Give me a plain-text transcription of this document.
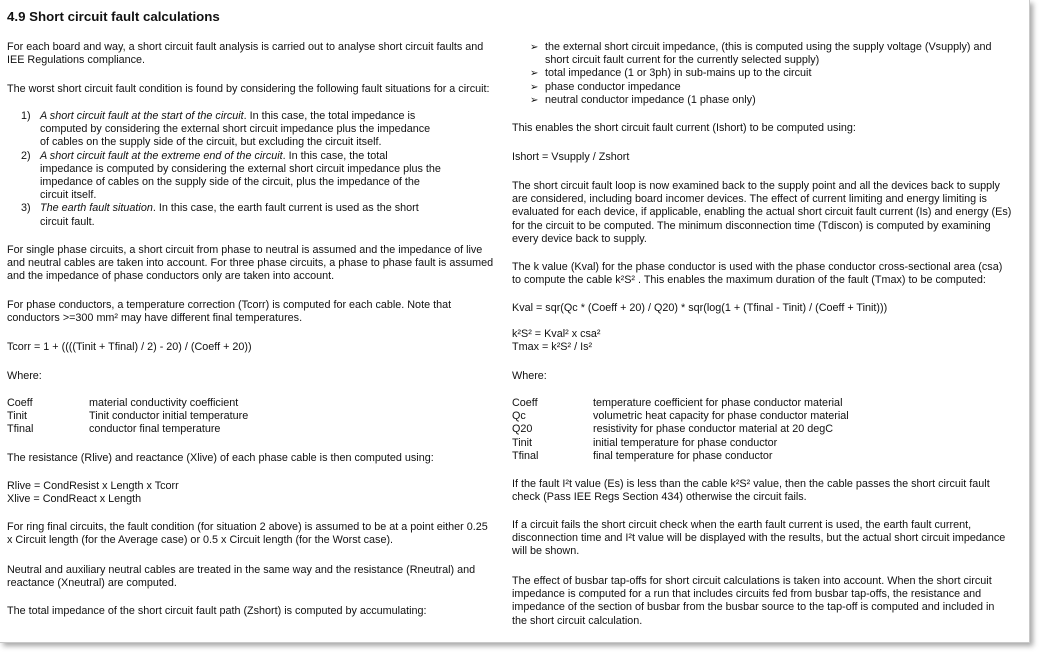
4.9 Short circuit fault calculations

For each board and way, a short circuit fault analysis is carried out to analyse short circuit faults and IEE Regulations compliance.

The worst short circuit fault condition is found by considering the following fault situations for a circuit:

1) A short circuit fault at the start of the circuit. In this case, the total impedance is computed by considering the external short circuit impedance plus the impedance of cables on the supply side of the circuit, but excluding the circuit itself.
2) A short circuit fault at the extreme end of the circuit. In this case, the total impedance is computed by considering the external short circuit impedance plus the impedance of cables on the supply side of the circuit, plus the impedance of the circuit itself.
3) The earth fault situation. In this case, the earth fault current is used as the short circuit fault.

For single phase circuits, a short circuit from phase to neutral is assumed and the impedance of live and neutral cables are taken into account. For three phase circuits, a phase to phase fault is assumed and the impedance of phase conductors only are taken into account.

For phase conductors, a temperature correction (Tcorr) is computed for each cable. Note that conductors >=300 mm² may have different final temperatures.

Tcorr = 1 + ((((Tinit + Tfinal) / 2) - 20) / (Coeff + 20))

Where:

Coeff	material conductivity coefficient
Tinit	Tinit conductor initial temperature
Tfinal	conductor final temperature

The resistance (Rlive) and reactance (Xlive) of each phase cable is then computed using:

Rlive = CondResist x Length x Tcorr

Xlive = CondReact x Length

For ring final circuits, the fault condition (for situation 2 above) is assumed to be at a point either 0.25 x Circuit length (for the Average case) or 0.5 x Circuit length (for the Worst case).

Neutral and auxiliary neutral cables are treated in the same way and the resistance (Rneutral) and reactance (Xneutral) are computed.

The total impedance of the short circuit fault path (Zshort) is computed by accumulating:

➢ the external short circuit impedance, (this is computed using the supply voltage (Vsupply) and short circuit fault current for the currently selected supply)
➢ total impedance (1 or 3ph) in sub-mains up to the circuit
➢ phase conductor impedance
➢ neutral conductor impedance (1 phase only)

This enables the short circuit fault current (Ishort) to be computed using:

Ishort = Vsupply / Zshort

The short circuit fault loop is now examined back to the supply point and all the devices back to supply are considered, including board incomer devices. The effect of current limiting and energy limiting is evaluated for each device, if applicable, enabling the actual short circuit fault current (Is) and energy (Es) for the circuit to be computed. The minimum disconnection time (Tdiscon) is computed by examining every device back to supply.

The k value (Kval) for the phase conductor is used with the phase conductor cross-sectional area (csa) to compute the cable k²S² . This enables the maximum duration of the fault (Tmax) to be computed:

Kval = sqr(Qc * (Coeff + 20) / Q20) * sqr(log(1 + (Tfinal - Tinit) / (Coeff + Tinit)))

k²S² = Kval² x csa²

Tmax = k²S² / Is²

Where:

Coeff	temperature coefficient for phase conductor material
Qc	volumetric heat capacity for phase conductor material
Q20	resistivity for phase conductor material at 20 degC
Tinit	initial temperature for phase conductor
Tfinal	final temperature for phase conductor

If the fault I²t value (Es) is less than the cable k²S² value, then the cable passes the short circuit fault check (Pass IEE Regs Section 434) otherwise the circuit fails.

If a circuit fails the short circuit check when the earth fault current is used, the earth fault current, disconnection time and I²t value will be displayed with the results, but the actual short circuit impedance will be shown.

The effect of busbar tap-offs for short circuit calculations is taken into account. When the short circuit impedance is computed for a run that includes circuits fed from busbar tap-offs, the resistance and impedance of the section of busbar from the busbar source to the tap-off is computed and included in the short circuit calculation.
